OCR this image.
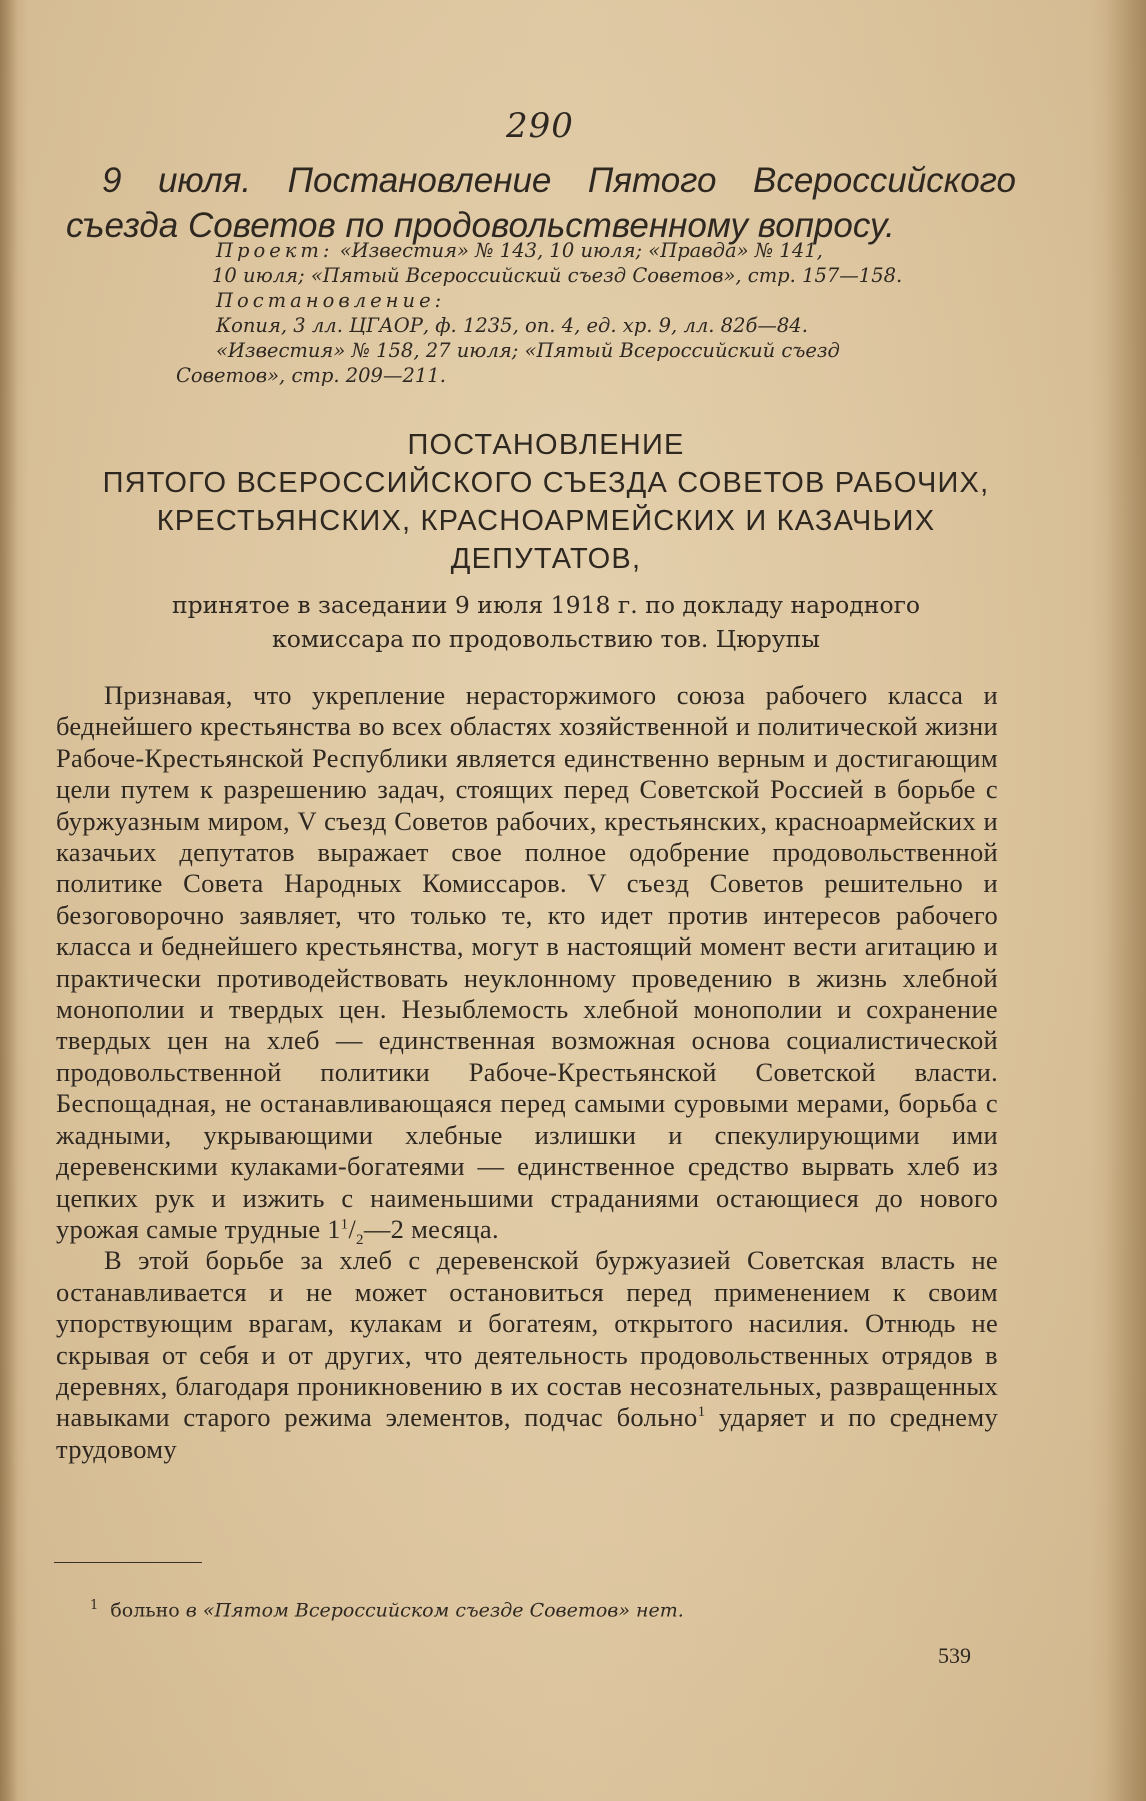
290
9 июля. Постановление Пятого Всероссийского съезда Советов по продовольственному вопросу.
Проект: «Известия» № 143, 10 июля; «Правда» № 141,
10 июля; «Пятый Всероссийский съезд Советов», стр. 157—158.
Постановление:
Копия, 3 лл. ЦГАОР, ф. 1235, оп. 4, ед. хр. 9, лл. 82б—84.
«Известия» № 158, 27 июля; «Пятый Всероссийский съезд
Советов», стр. 209—211.
ПОСТАНОВЛЕНИЕ
ПЯТОГО ВСЕРОССИЙСКОГО СЪЕЗДА СОВЕТОВ РАБОЧИХ,
КРЕСТЬЯНСКИХ, КРАСНОАРМЕЙСКИХ И КАЗАЧЬИХ
ДЕПУТАТОВ,

принятое в заседании 9 июля 1918 г. по докладу народного
комиссара по продовольствию тов. Цюрупы

Признавая, что укрепление нерасторжимого союза рабочего класса и беднейшего крестьянства во всех областях хозяйственной и политической жизни Рабоче-Крестьянской Республики является единственно верным и достигающим цели путем к разрешению задач, стоящих перед Советской Россией в борьбе с буржуазным миром, V съезд Советов рабочих, крестьянских, красноармейских и казачьих депутатов выражает свое полное одобрение продовольственной политике Совета Народных Комиссаров. V съезд Советов решительно и безоговорочно заявляет, что только те, кто идет против интересов рабочего класса и беднейшего крестьянства, могут в настоящий момент вести агитацию и практически противодействовать неуклонному проведению в жизнь хлебной монополии и твердых цен. Незыблемость хлебной монополии и сохранение твердых цен на хлеб — единственная возможная основа социалистической продовольственной политики Рабоче-Крестьянской Советской власти. Беспощадная, не останавливающаяся перед самыми суровыми мерами, борьба с жадными, укрывающими хлебные излишки и спекулирующими ими деревенскими кулаками-богатеями — единственное средство вырвать хлеб из цепких рук и изжить с наименьшими страданиями остающиеся до нового урожая самые трудные $1^1/_2—2$ месяца.

В этой борьбе за хлеб с деревенской буржуазией Советская власть не останавливается и не может остановиться перед применением к своим упорствующим врагам, кулакам и богатеям, открытого насилия. Отнюдь не скрывая от себя и от других, что деятельность продовольственных отрядов в деревнях, благодаря проникновению в их состав несознательных, развращенных навыками старого режима элементов, подчас больно$^1$ ударяет и по среднему трудовому

$^1$ больно в «Пятом Всероссийском съезде Советов» нет.
539
